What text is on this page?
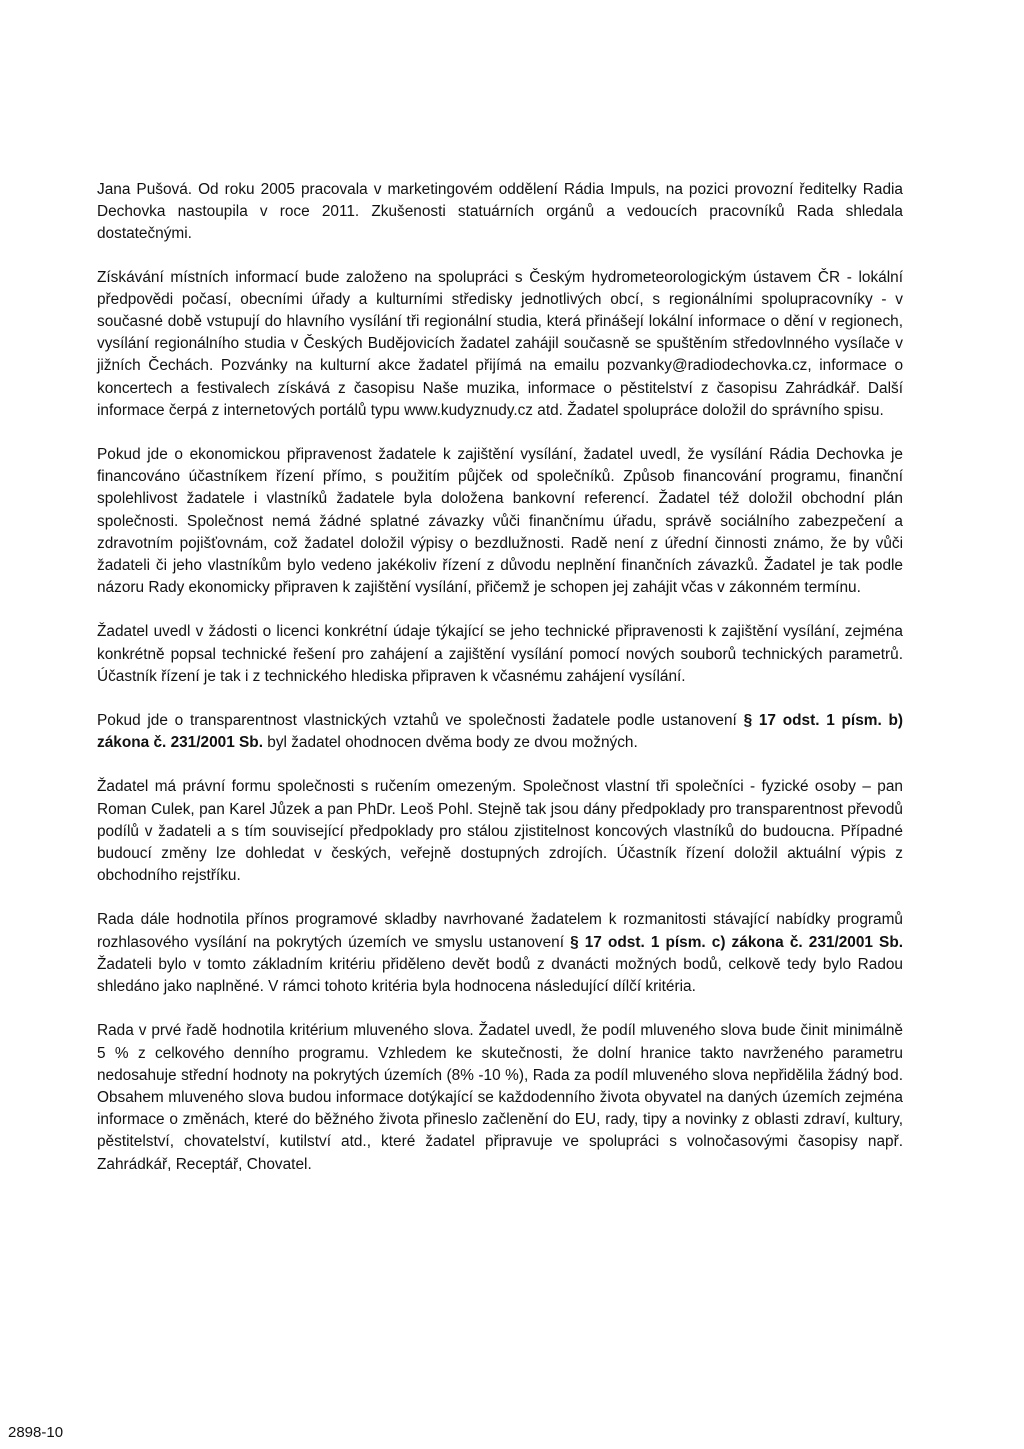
Jana Pušová. Od roku 2005 pracovala v marketingovém oddělení Rádia Impuls, na pozici provozní ředitelky Radia Dechovka nastoupila v roce 2011. Zkušenosti statuárních orgánů a vedoucích pracovníků Rada shledala dostatečnými.

Získávání místních informací bude založeno na spolupráci s Českým hydrometeorologickým ústavem ČR - lokální předpovědi počasí, obecními úřady a kulturními středisky jednotlivých obcí, s regionálními spolupracovníky - v současné době vstupují do hlavního vysílání tři regionální studia, která přinášejí lokální informace o dění v regionech, vysílání regionálního studia v Českých Budějovicích žadatel zahájil současně se spuštěním středovlnného vysílače v jižních Čechách. Pozvánky na kulturní akce žadatel přijímá na emailu pozvanky@radiodechovka.cz, informace o koncertech a festivalech získává z časopisu Naše muzika, informace o pěstitelství z časopisu Zahrádkář. Další informace čerpá z internetových portálů typu www.kudyznudy.cz atd. Žadatel spolupráce doložil do správního spisu.

Pokud jde o ekonomickou připravenost žadatele k zajištění vysílání, žadatel uvedl, že vysílání Rádia Dechovka je financováno účastníkem řízení přímo, s použitím půjček od společníků. Způsob financování programu, finanční spolehlivost žadatele i vlastníků žadatele byla doložena bankovní referencí. Žadatel též doložil obchodní plán společnosti. Společnost nemá žádné splatné závazky vůči finančnímu úřadu, správě sociálního zabezpečení a zdravotním pojišťovnám, což žadatel doložil výpisy o bezdlužnosti. Radě není z úřední činnosti známo, že by vůči žadateli či jeho vlastníkům bylo vedeno jakékoliv řízení z důvodu neplnění finančních závazků. Žadatel je tak podle názoru Rady ekonomicky připraven k zajištění vysílání, přičemž je schopen jej zahájit včas v zákonném termínu.

Žadatel uvedl v žádosti o licenci konkrétní údaje týkající se jeho technické připravenosti k zajištění vysílání, zejména konkrétně popsal technické řešení pro zahájení a zajištění vysílání pomocí nových souborů technických parametrů. Účastník řízení je tak i z technického hlediska připraven k včasnému zahájení vysílání.

Pokud jde o transparentnost vlastnických vztahů ve společnosti žadatele podle ustanovení § 17 odst. 1 písm. b) zákona č. 231/2001 Sb. byl žadatel ohodnocen dvěma body ze dvou možných.

Žadatel má právní formu společnosti s ručením omezeným. Společnost vlastní tři společníci - fyzické osoby – pan Roman Culek, pan Karel Jůzek a pan PhDr. Leoš Pohl. Stejně tak jsou dány předpoklady pro transparentnost převodů podílů v žadateli a s tím související předpoklady pro stálou zjistitelnost koncových vlastníků do budoucna. Případné budoucí změny lze dohledat v českých, veřejně dostupných zdrojích. Účastník řízení doložil aktuální výpis z obchodního rejstříku.

Rada dále hodnotila přínos programové skladby navrhované žadatelem k rozmanitosti stávající nabídky programů rozhlasového vysílání na pokrytých územích ve smyslu ustanovení § 17 odst. 1 písm. c) zákona č. 231/2001 Sb. Žadateli bylo v tomto základním kritériu přiděleno devět bodů z dvanácti možných bodů, celkově tedy bylo Radou shledáno jako naplněné. V rámci tohoto kritéria byla hodnocena následující dílčí kritéria.

Rada v prvé řadě hodnotila kritérium mluveného slova. Žadatel uvedl, že podíl mluveného slova bude činit minimálně 5 % z celkového denního programu. Vzhledem ke skutečnosti, že dolní hranice takto navrženého parametru nedosahuje střední hodnoty na pokrytých územích (8% -10 %), Rada za podíl mluveného slova nepřidělila žádný bod. Obsahem mluveného slova budou informace dotýkající se každodenního života obyvatel na daných územích zejména informace o změnách, které do běžného života přineslo začlenění do EU, rady, tipy a novinky z oblasti zdraví, kultury, pěstitelství, chovatelství, kutilství atd., které žadatel připravuje ve spolupráci s volnočasovými časopisy např. Zahrádkář, Receptář, Chovatel.

2898-10
